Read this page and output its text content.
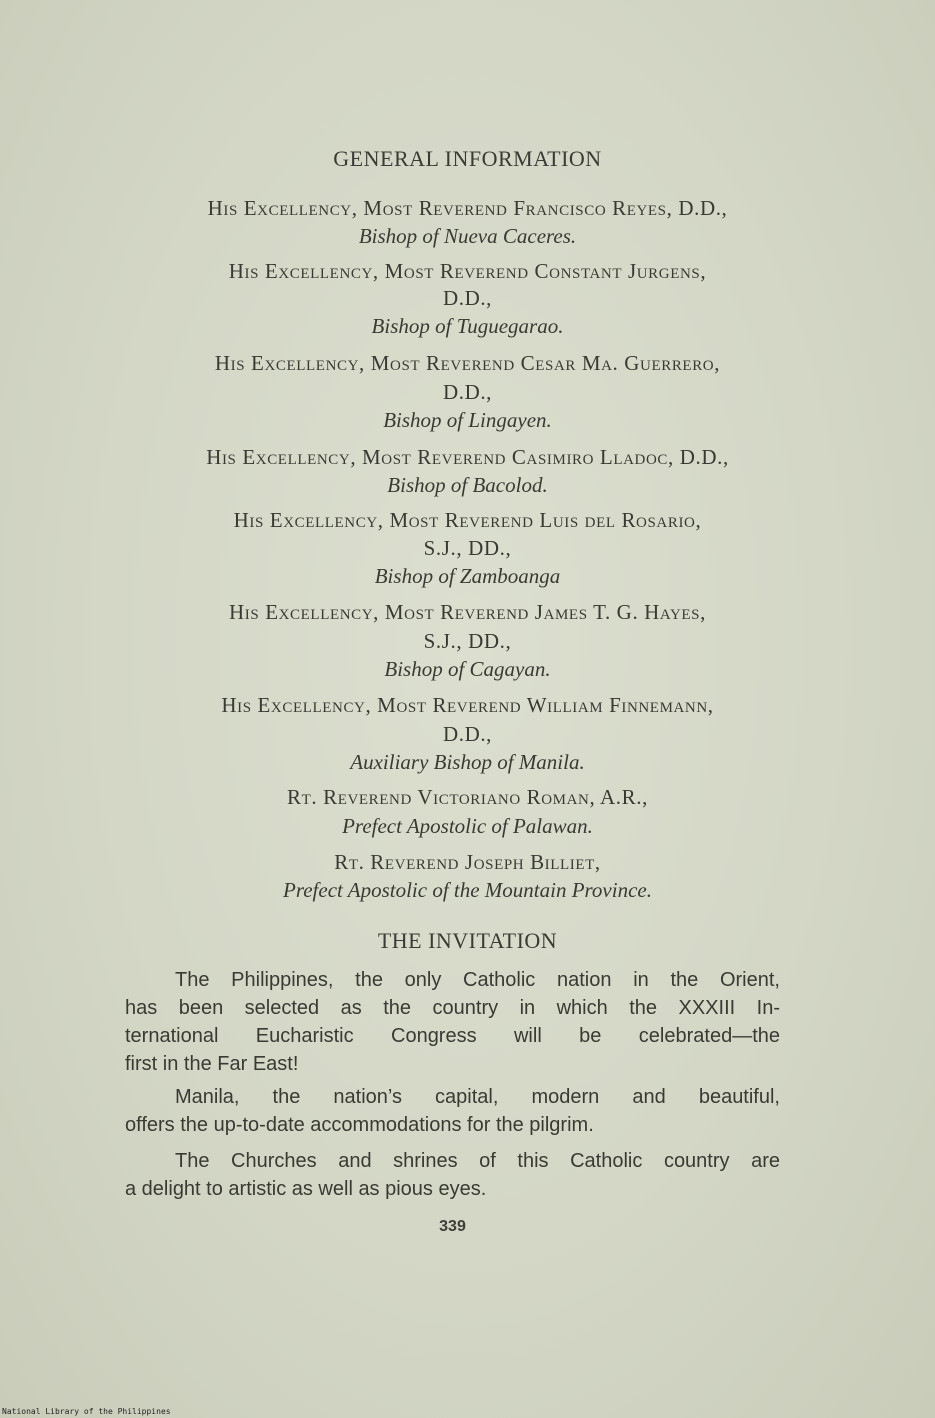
GENERAL INFORMATION
His Excellency, Most Reverend Francisco Reyes, D.D.,
Bishop of Nueva Caceres.
His Excellency, Most Reverend Constant Jurgens,
D.D.,
Bishop of Tuguegarao.
His Excellency, Most Reverend Cesar Ma. Guerrero,
D.D.,
Bishop of Lingayen.
His Excellency, Most Reverend Casimiro Lladoc, D.D.,
Bishop of Bacolod.
His Excellency, Most Reverend Luis del Rosario,
S.J., DD.,
Bishop of Zamboanga
His Excellency, Most Reverend James T. G. Hayes,
S.J., DD.,
Bishop of Cagayan.
His Excellency, Most Reverend William Finnemann,
D.D.,
Auxiliary Bishop of Manila.
Rt. Reverend Victoriano Roman, A.R.,
Prefect Apostolic of Palawan.
Rt. Reverend Joseph Billiet,
Prefect Apostolic of the Mountain Province.
THE INVITATION
The Philippines, the only Catholic nation in the Orient,
has been selected as the country in which the XXXIII In-
ternational Eucharistic Congress will be celebrated—the
first in the Far East!
Manila, the nation’s capital, modern and beautiful,
offers the up-to-date accommodations for the pilgrim.
The Churches and shrines of this Catholic country are
a delight to artistic as well as pious eyes.
339
National Library of the Philippines
